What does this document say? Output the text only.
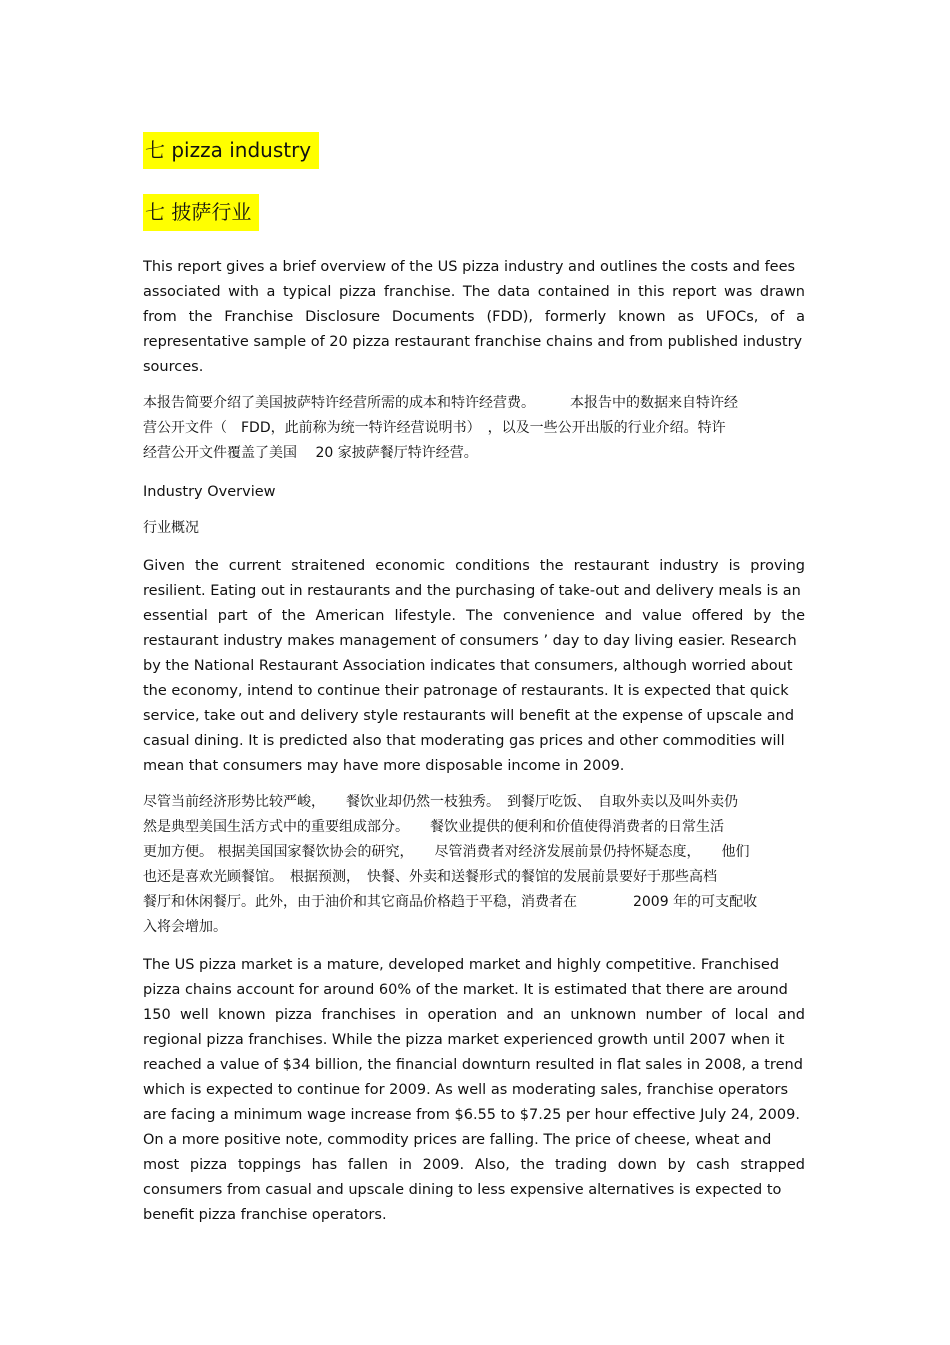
七 pizza industry
七 披萨行业
This report gives a brief overview of the US pizza industry and outlines the costs and fees
associated with a typical pizza franchise. The data contained in this report was drawn
from the Franchise Disclosure Documents (FDD), formerly known as UFOCs, of a
representative sample of 20 pizza restaurant franchise chains and from published industry
sources.
本报告简要介绍了美国披萨特许经营所需的成本和特许经营费。　　　本报告中的数据来自特许经
营公开文件（　FDD，此前称为统一特许经营说明书）　，以及一些公开出版的行业介绍。特许
经营公开文件覆盖了美国　 20 家披萨餐厅特许经营。
Industry Overview
行业概况
Given the current straitened economic conditions the restaurant industry is proving
resilient. Eating out in restaurants and the purchasing of take-out and delivery meals is an
essential part of the American lifestyle. The convenience and value offered by the
restaurant industry makes management of consumers ’ day to day living easier. Research
by the National Restaurant Association indicates that consumers, although worried about
the economy, intend to continue their patronage of restaurants. It is expected that quick
service, take out and delivery style restaurants will benefit at the expense of upscale and
casual dining. It is predicted also that moderating gas prices and other commodities will
mean that consumers may have more disposable income in 2009.
尽管当前经济形势比较严峻，　　餐饮业却仍然一枝独秀。　到餐厅吃饭、　自取外卖以及叫外卖仍
然是典型美国生活方式中的重要组成部分。　　餐饮业提供的便利和价值使得消费者的日常生活
更加方便。 根据美国国家餐饮协会的研究，　　尽管消费者对经济发展前景仍持怀疑态度，　　他们
也还是喜欢光顾餐馆。　根据预测，　快餐、外卖和送餐形式的餐馆的发展前景要好于那些高档
餐厅和休闲餐厅。此外，由于油价和其它商品价格趋于平稳，消费者在　　　　2009 年的可支配收
入将会增加。
The US pizza market is a mature, developed market and highly competitive. Franchised
pizza chains account for around 60% of the market. It is estimated that there are around
150 well known pizza franchises in operation and an unknown number of local and
regional pizza franchises. While the pizza market experienced growth until 2007 when it
reached a value of $34 billion, the financial downturn resulted in flat sales in 2008, a trend
which is expected to continue for 2009. As well as moderating sales, franchise operators
are facing a minimum wage increase from $6.55 to $7.25 per hour effective July 24, 2009.
On a more positive note, commodity prices are falling. The price of cheese, wheat and
most pizza toppings has fallen in 2009. Also, the trading down by cash strapped
consumers from casual and upscale dining to less expensive alternatives is expected to
benefit pizza franchise operators.
